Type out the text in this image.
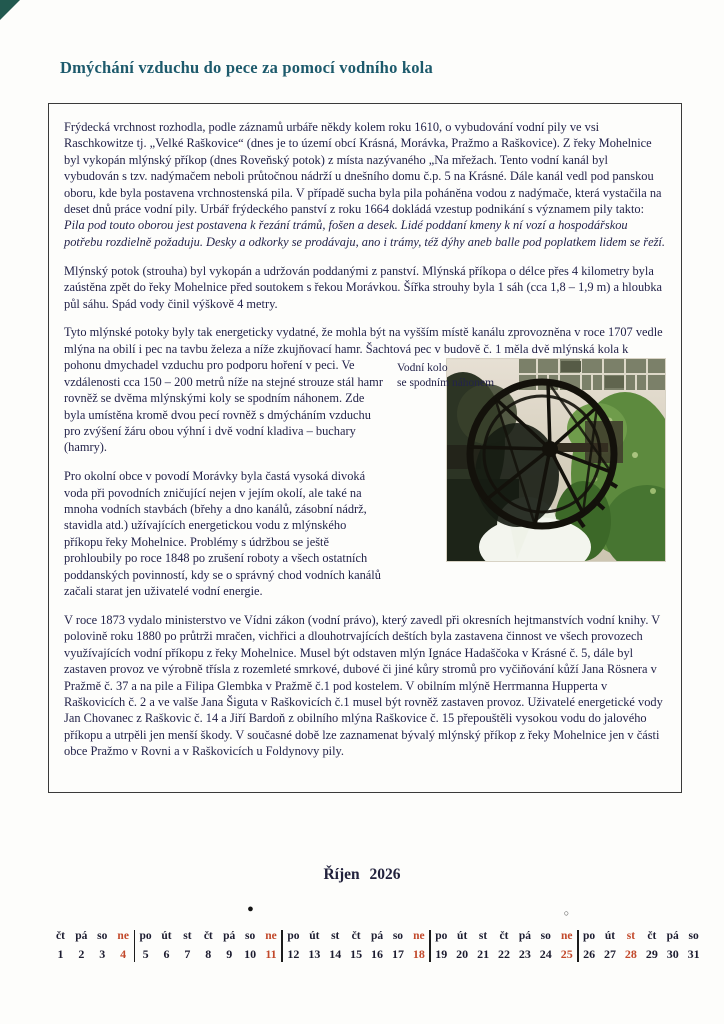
Dmýchání vzduchu do pece za pomocí vodního kola

Frýdecká vrchnost rozhodla, podle záznamů urbáře někdy kolem roku 1610, o vybudování vodní pily ve vsi Raschkowitze tj. „Velké Raškovice“ (dnes je to území obcí Krásná, Morávka, Pražmo a Raškovice). Z řeky Mohelnice byl vykopán mlýnský příkop (dnes Roveňský potok) z místa nazývaného „Na mřežach. Tento vodní kanál byl vybudován s tzv. nadýmačem neboli průtočnou nádrží u dnešního domu č.p. 5 na Krásné. Dále kanál vedl pod panskou oboru, kde byla postavena vrchnostenská pila. V případě sucha byla pila poháněna vodou z nadýmače, která vystačila na deset dnů práce vodní pily. Urbář frýdeckého panství z roku 1664 dokládá vzestup podnikání s významem pily takto: Pila pod touto oborou jest postavena k řezání trámů, fošen a desek. Lidé poddaní kmeny k ní vozí a hospodářskou potřebu rozdielně požaduju. Desky a odkorky se prodávaju, ano i trámy, též dýhy aneb balle pod poplatkem lidem se řeží.

Mlýnský potok (strouha) byl vykopán a udržován poddanými z panství. Mlýnská příkopa o délce přes 4 kilometry byla zaústěna zpět do řeky Mohelnice před soutokem s řekou Morávkou. Šířka strouhy byla 1 sáh (cca 1,8 – 1,9 m) a hloubka půl sáhu. Spád vody činil výškově 4 metry.

Tyto mlýnské potoky byly tak energeticky vydatné, že mohla být na vyšším místě kanálu zprovozněna v roce 1707 vedle mlýna na obilí i pec na tavbu železa a níže zkujňovací hamr. Šachtová pec v budově č. 1 měla dvě mlýnská kola k pohonu dmychadel vzduchu pro podporu hoření	Vodní kolo
se spodním náhonem
v peci. Ve vzdálenosti cca 150 – 200 metrů níže na stejné strouze stál hamr rovněž se dvěma mlýnskými koly se spodním náhonem. Zde byla umístěna kromě dvou pecí rovněž s dmýcháním vzduchu pro zvýšení žáru obou výhní i dvě vodní kladiva – buchary (hamry).

Pro okolní obce v povodí Morávky byla častá vysoká divoká voda při povodních zničující nejen v jejím okolí, ale také na mnoha vodních stavbách (břehy a dno kanálů, zásobní nádrž, stavidla atd.) užívajících energetickou vodu z mlýnského příkopu řeky Mohelnice. Problémy s údržbou se ještě prohloubily po roce 1848 po zrušení roboty a všech ostatních poddanských povinností, kdy se o správný chod vodních kanálů začali starat jen uživatelé vodní energie.

V roce 1873 vydalo ministerstvo ve Vídni zákon (vodní právo), který zavedl při okresních hejtmanstvích vodní knihy. V polovině roku 1880 po průtrži mračen, vichřici a dlouhotrvajících deštích byla zastavena činnost ve všech provozech využívajících vodní příkopu z řeky Mohelnice. Musel být odstaven mlýn Ignáce Hadaščoka v Krásné č. 5, dále byl zastaven provoz ve výrobně třísla z rozemleté smrkové, dubové či jiné kůry stromů pro vyčiňování kůží Jana Rösnera v Pražmě č. 37 a na pile a Filipa Glembka v Pražmě č.1 pod kostelem. V obilním mlýně Herrmanna Hupperta v Raškovicích č. 2 a ve valše Jana Šiguta v Raškovicích č.1 musel být rovněž zastaven provoz. Uživatelé energetické vody Jan Chovanec z Raškovic č. 14 a Jiří Bardoň z obilního mlýna Raškovice č. 15 přepouštěli vysokou vodu do jalového příkopu a utrpěli jen menší škody. V současné době lze zaznamenat bývalý mlýnský příkop z řeky Mohelnice jen v části obce Pražmo v Rovni a v Raškovicích u Foldynovy pily.

Říjen 2026
●	○
čt
1
pá
2
so
3
ne
4
po
5
út
6
st
7
čt
8
pá
9
so
10
ne
11
po
12
út
13
st
14
čt
15
pá
16
so
17
ne
18
po
19
út
20
st
21
čt
22
pá
23
so
24
ne
25
po
26
út
27
st
28
čt
29
pá
30
so
31
